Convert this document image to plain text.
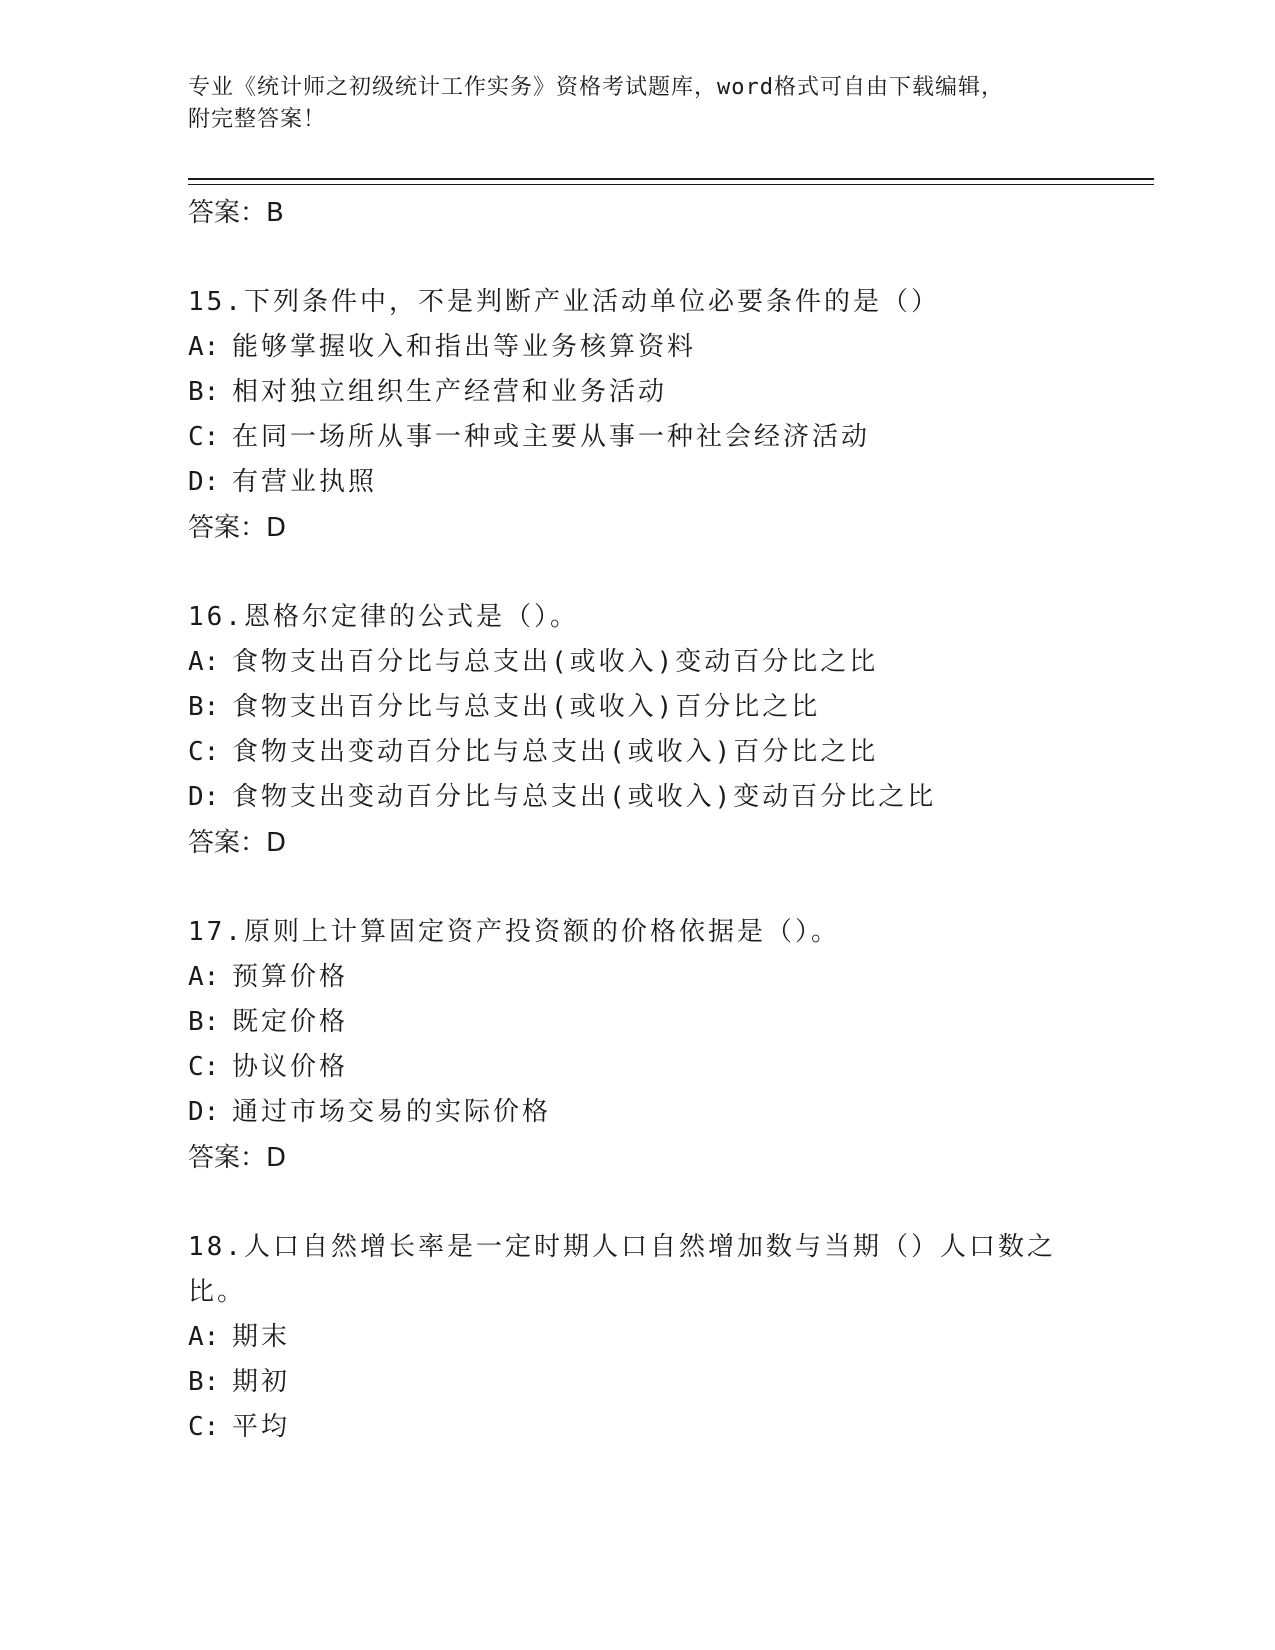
专业《统计师之初级统计工作实务》资格考试题库，word格式可自由下载编辑，
附完整答案！
答案：B
15.下列条件中，不是判断产业活动单位必要条件的是（）
A: 能够掌握收入和指出等业务核算资料
B: 相对独立组织生产经营和业务活动
C: 在同一场所从事一种或主要从事一种社会经济活动
D: 有营业执照
答案：D
16.恩格尔定律的公式是（）。
A: 食物支出百分比与总支出(或收入)变动百分比之比
B: 食物支出百分比与总支出(或收入)百分比之比
C: 食物支出变动百分比与总支出(或收入)百分比之比
D: 食物支出变动百分比与总支出(或收入)变动百分比之比
答案：D
17.原则上计算固定资产投资额的价格依据是（）。
A: 预算价格
B: 既定价格
C: 协议价格
D: 通过市场交易的实际价格
答案：D
18.人口自然增长率是一定时期人口自然增加数与当期（）人口数之比。
A: 期末
B: 期初
C: 平均
